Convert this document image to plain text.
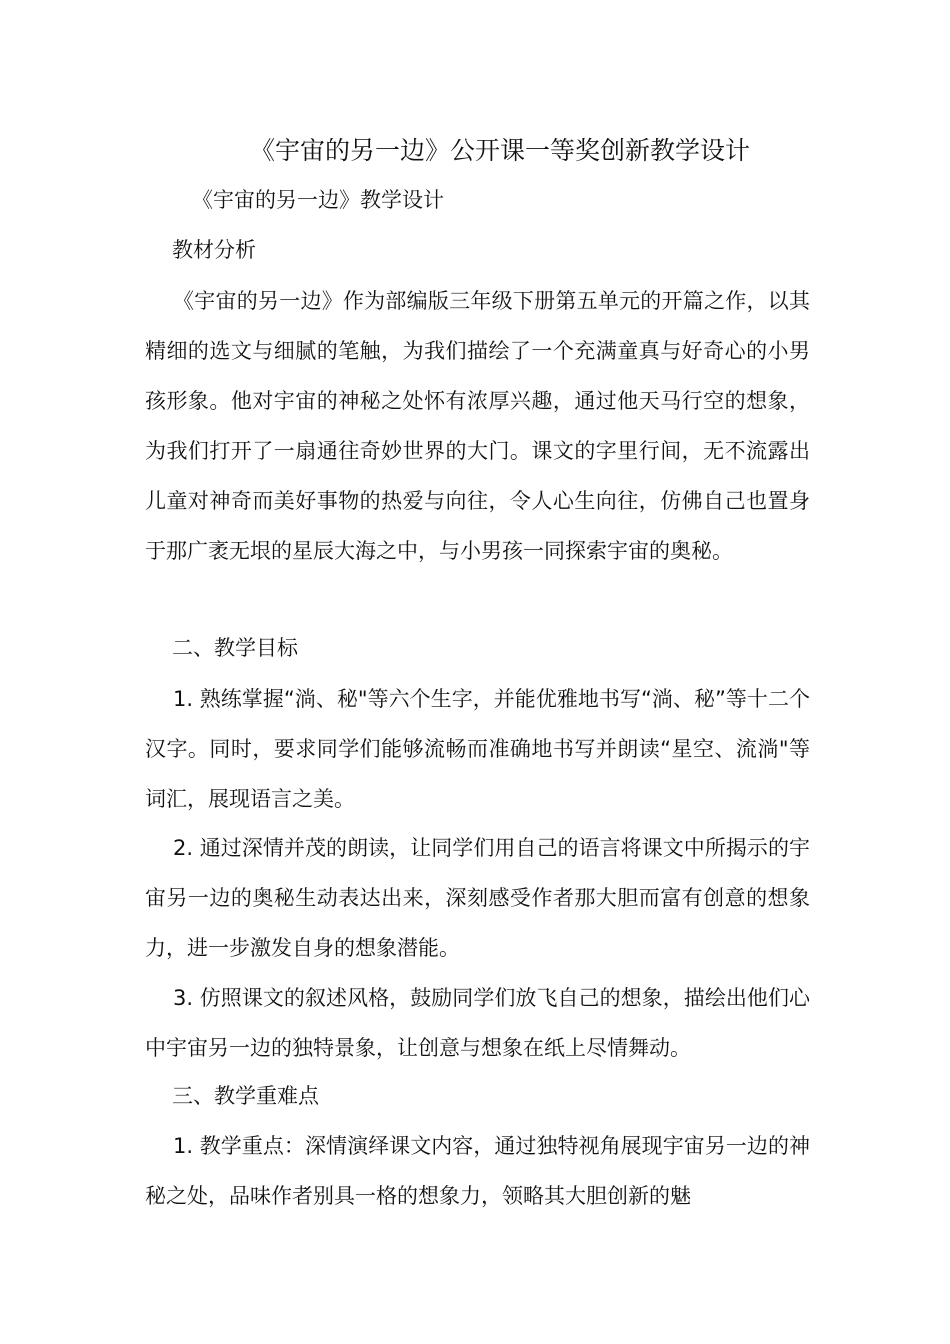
《宇宙的另一边》公开课一等奖创新教学设计
《宇宙的另一边》教学设计
教材分析
《宇宙的另一边》作为部编版三年级下册第五单元的开篇之作，以其精细的选文与细腻的笔触，为我们描绘了一个充满童真与好奇心的小男孩形象。他对宇宙的神秘之处怀有浓厚兴趣，通过他天马行空的想象，为我们打开了一扇通往奇妙世界的大门。课文的字里行间，无不流露出儿童对神奇而美好事物的热爱与向往，令人心生向往，仿佛自己也置身于那广袤无垠的星辰大海之中，与小男孩一同探索宇宙的奥秘。
二、教学目标
1. 熟练掌握“淌、秘"等六个生字，并能优雅地书写“淌、秘”等十二个汉字。同时，要求同学们能够流畅而准确地书写并朗读“星空、流淌"等词汇，展现语言之美。
2. 通过深情并茂的朗读，让同学们用自己的语言将课文中所揭示的宇宙另一边的奥秘生动表达出来，深刻感受作者那大胆而富有创意的想象力，进一步激发自身的想象潜能。
3. 仿照课文的叙述风格，鼓励同学们放飞自己的想象，描绘出他们心中宇宙另一边的独特景象，让创意与想象在纸上尽情舞动。
三、教学重难点
1. 教学重点：深情演绎课文内容，通过独特视角展现宇宙另一边的神秘之处，品味作者别具一格的想象力，领略其大胆创新的魅
